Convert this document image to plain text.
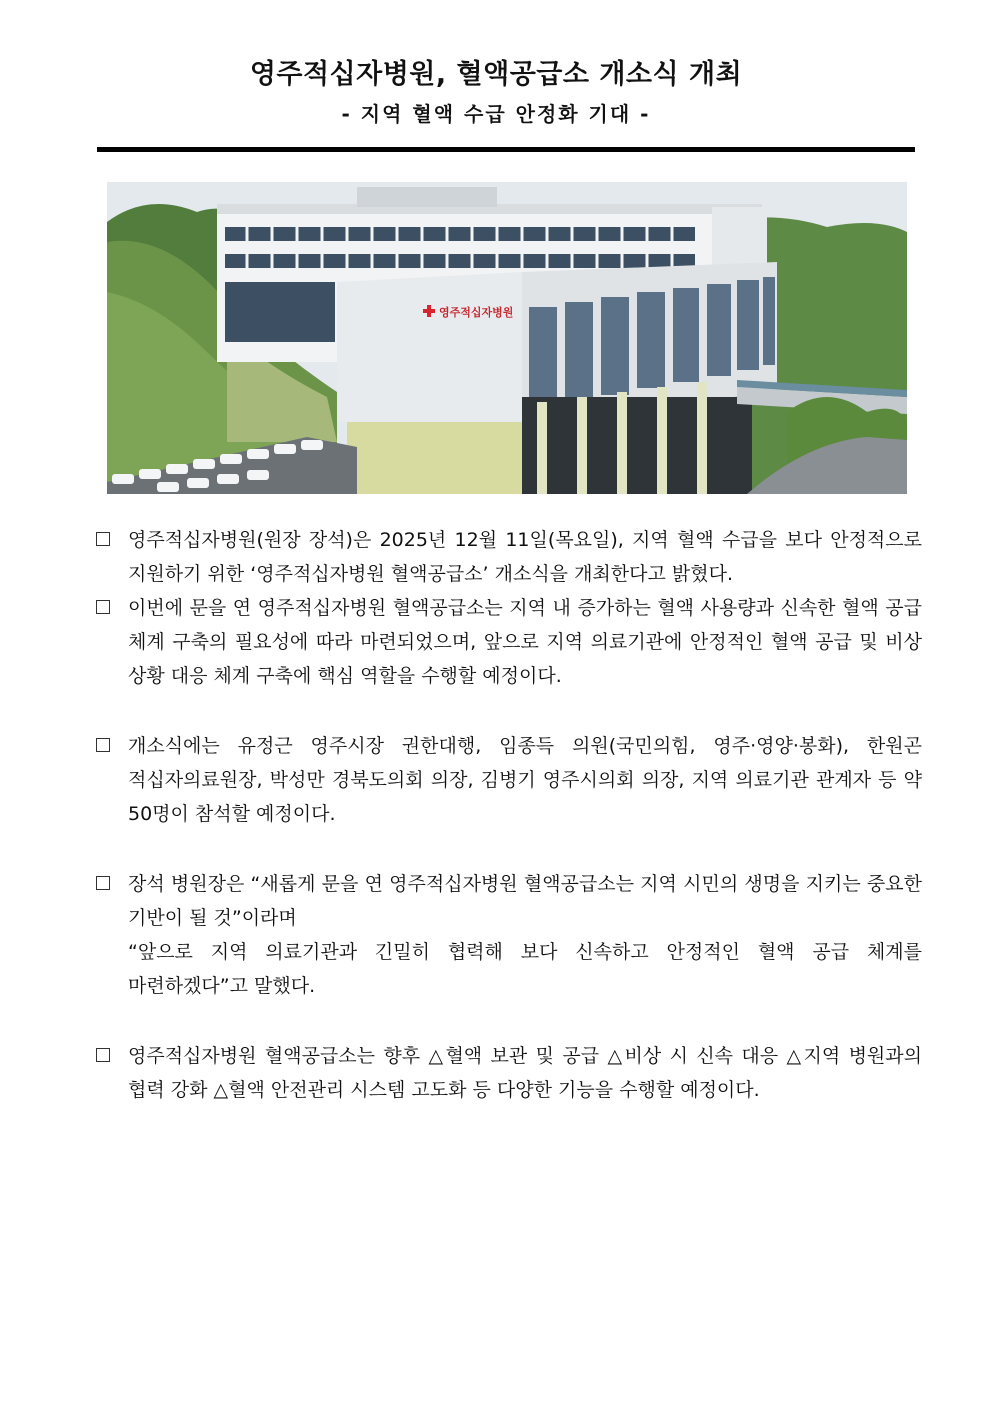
영주적십자병원, 혈액공급소 개소식 개최
- 지역 혈액 수급 안정화 기대 -
영주적십자병원

영주적십자병원(원장 장석)은 2025년 12월 11일(목요일), 지역 혈액 수급을 보다 안정적으로 지원하기 위한 ‘영주적십자병원 혈액공급소’ 개소식을 개최한다고 밝혔다.

이번에 문을 연 영주적십자병원 혈액공급소는 지역 내 증가하는 혈액 사용량과 신속한 혈액 공급 체계 구축의 필요성에 따라 마련되었으며, 앞으로 지역 의료기관에 안정적인 혈액 공급 및 비상 상황 대응 체계 구축에 핵심 역할을 수행할 예정이다.

개소식에는 유정근 영주시장 권한대행, 임종득 의원(국민의힘, 영주·영양·봉화), 한원곤 적십자의료원장, 박성만 경북도의회 의장, 김병기 영주시의회 의장, 지역 의료기관 관계자 등 약 50명이 참석할 예정이다.

장석 병원장은 “새롭게 문을 연 영주적십자병원 혈액공급소는 지역 시민의 생명을 지키는 중요한 기반이 될 것”이라며

“앞으로 지역 의료기관과 긴밀히 협력해 보다 신속하고 안정적인 혈액 공급 체계를 마련하겠다”고 말했다.

영주적십자병원 혈액공급소는 향후 △혈액 보관 및 공급 △비상 시 신속 대응 △지역 병원과의 협력 강화 △혈액 안전관리 시스템 고도화 등 다양한 기능을 수행할 예정이다.
